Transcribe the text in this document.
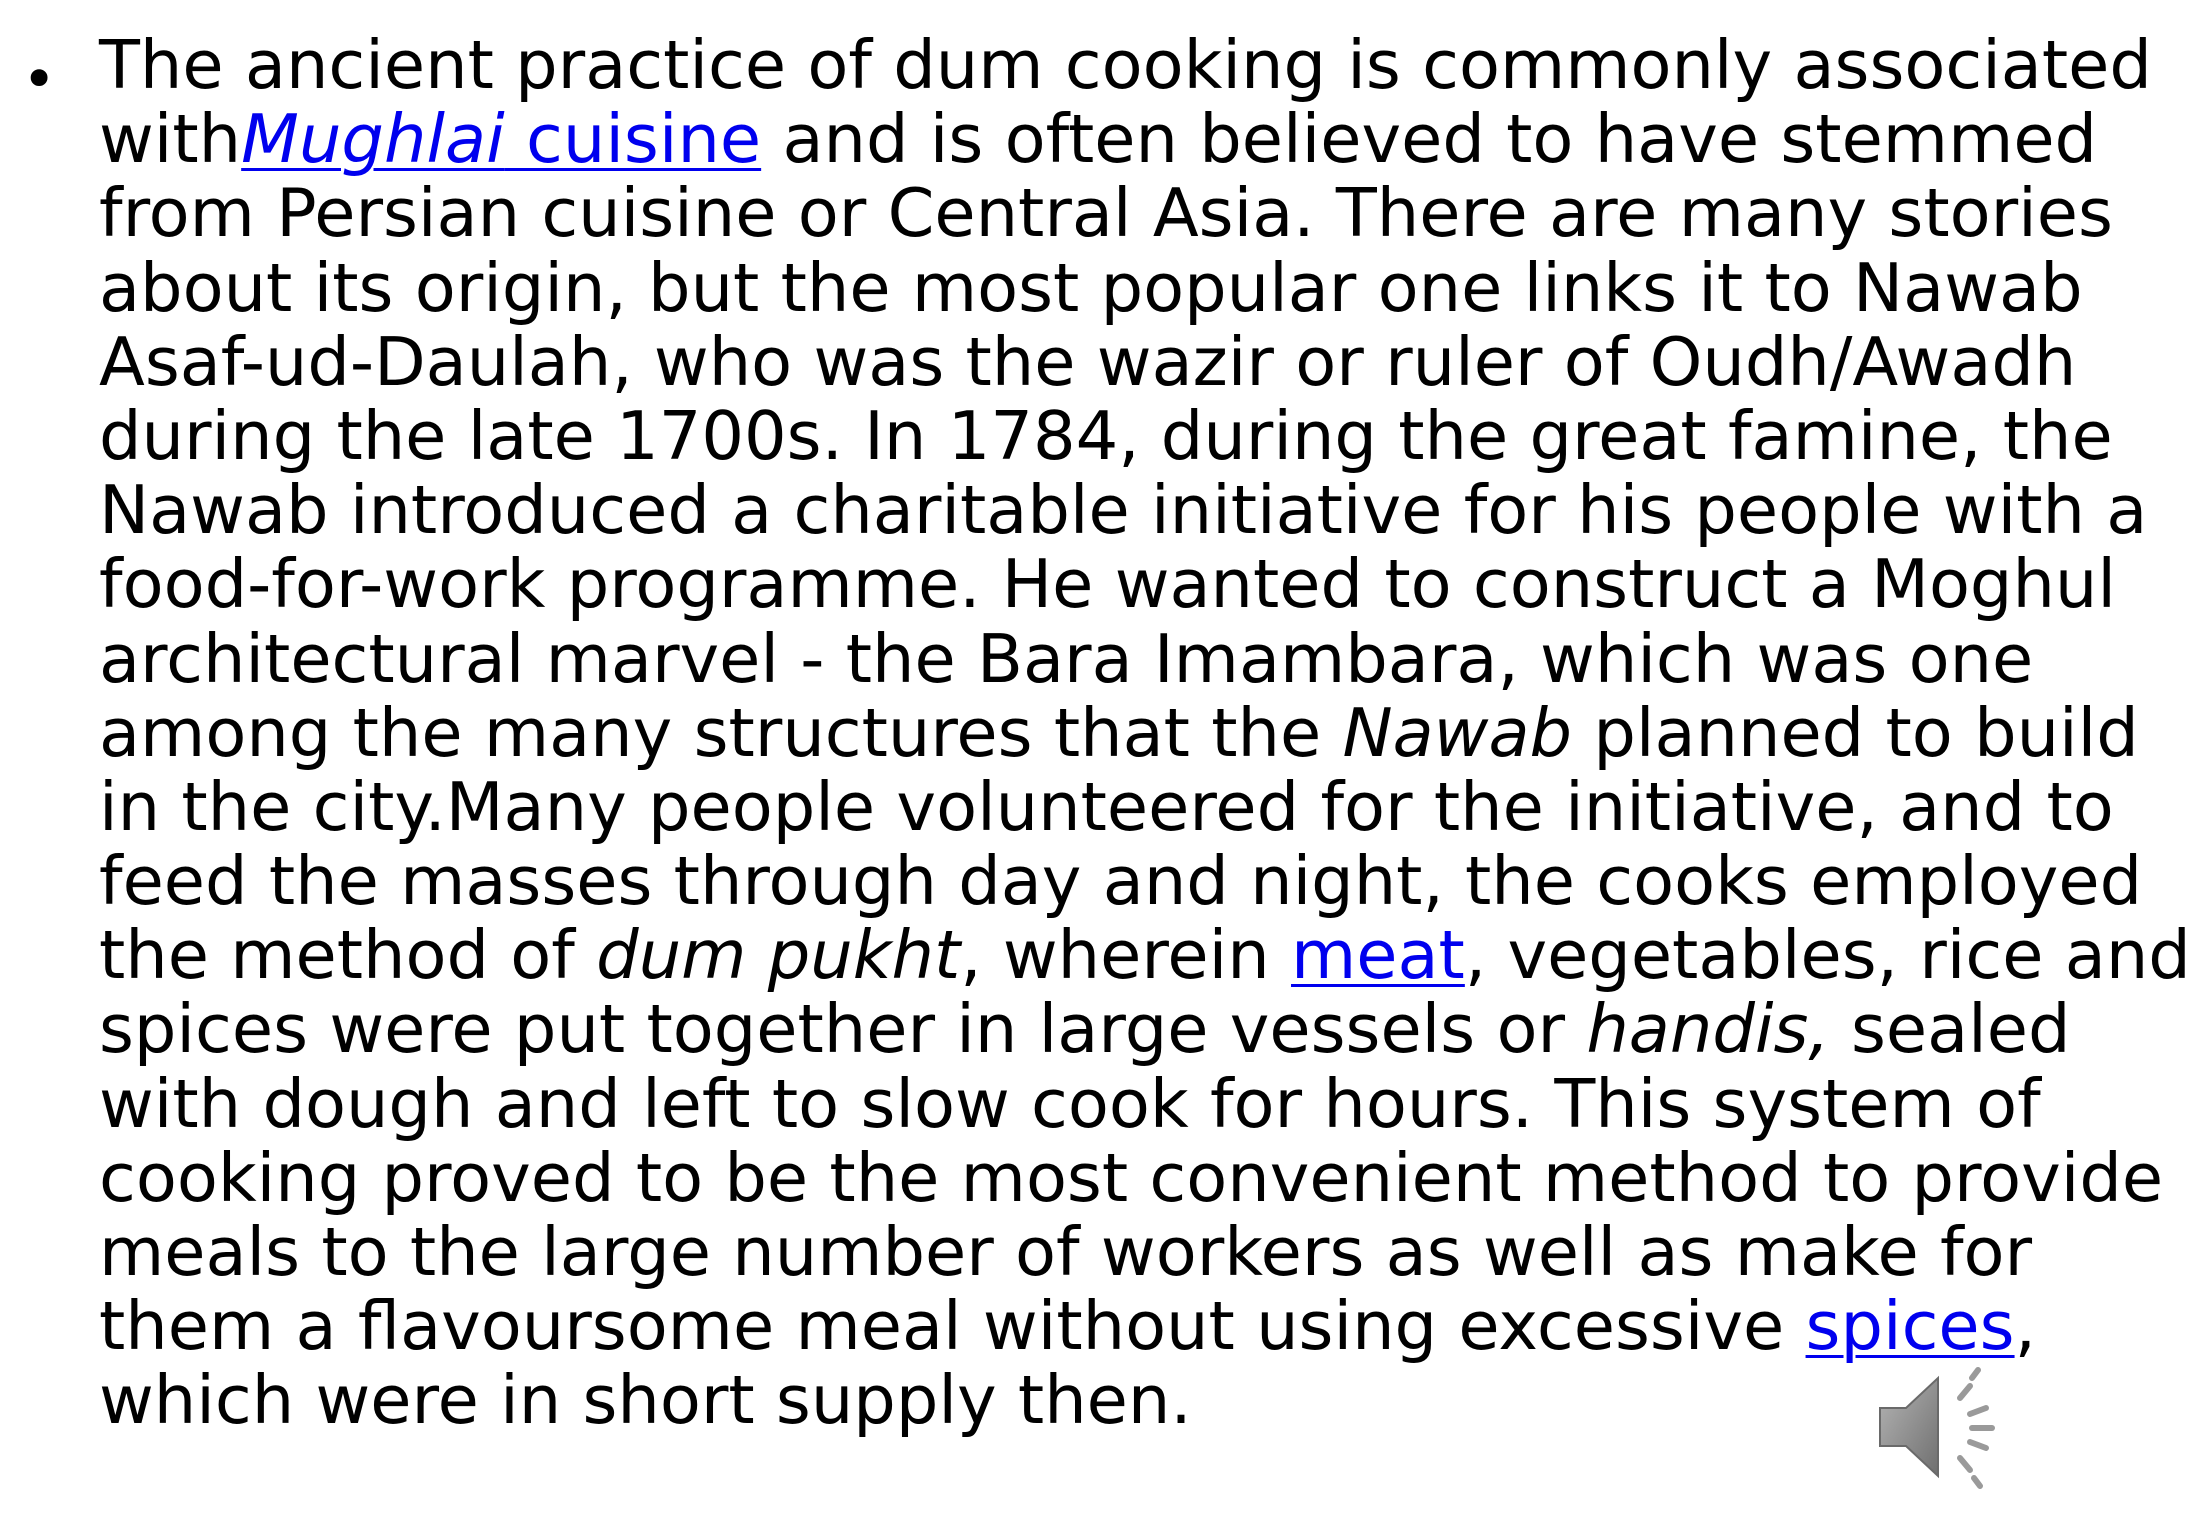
• The ancient practice of dum cooking is commonly associated
withMughlai cuisine and is often believed to have stemmed
from Persian cuisine or Central Asia. There are many stories
about its origin, but the most popular one links it to Nawab
Asaf-ud-Daulah, who was the wazir or ruler of Oudh/Awadh
during the late 1700s. In 1784, during the great famine, the
Nawab introduced a charitable initiative for his people with a
food-for-work programme. He wanted to construct a Moghul
architectural marvel - the Bara Imambara, which was one
among the many structures that the Nawab planned to build
in the city.Many people volunteered for the initiative, and to
feed the masses through day and night, the cooks employed
the method of dum pukht, wherein meat, vegetables, rice and
spices were put together in large vessels or handis, sealed
with dough and left to slow cook for hours. This system of
cooking proved to be the most convenient method to provide
meals to the large number of workers as well as make for
them a flavoursome meal without using excessive spices,
which were in short supply then.
